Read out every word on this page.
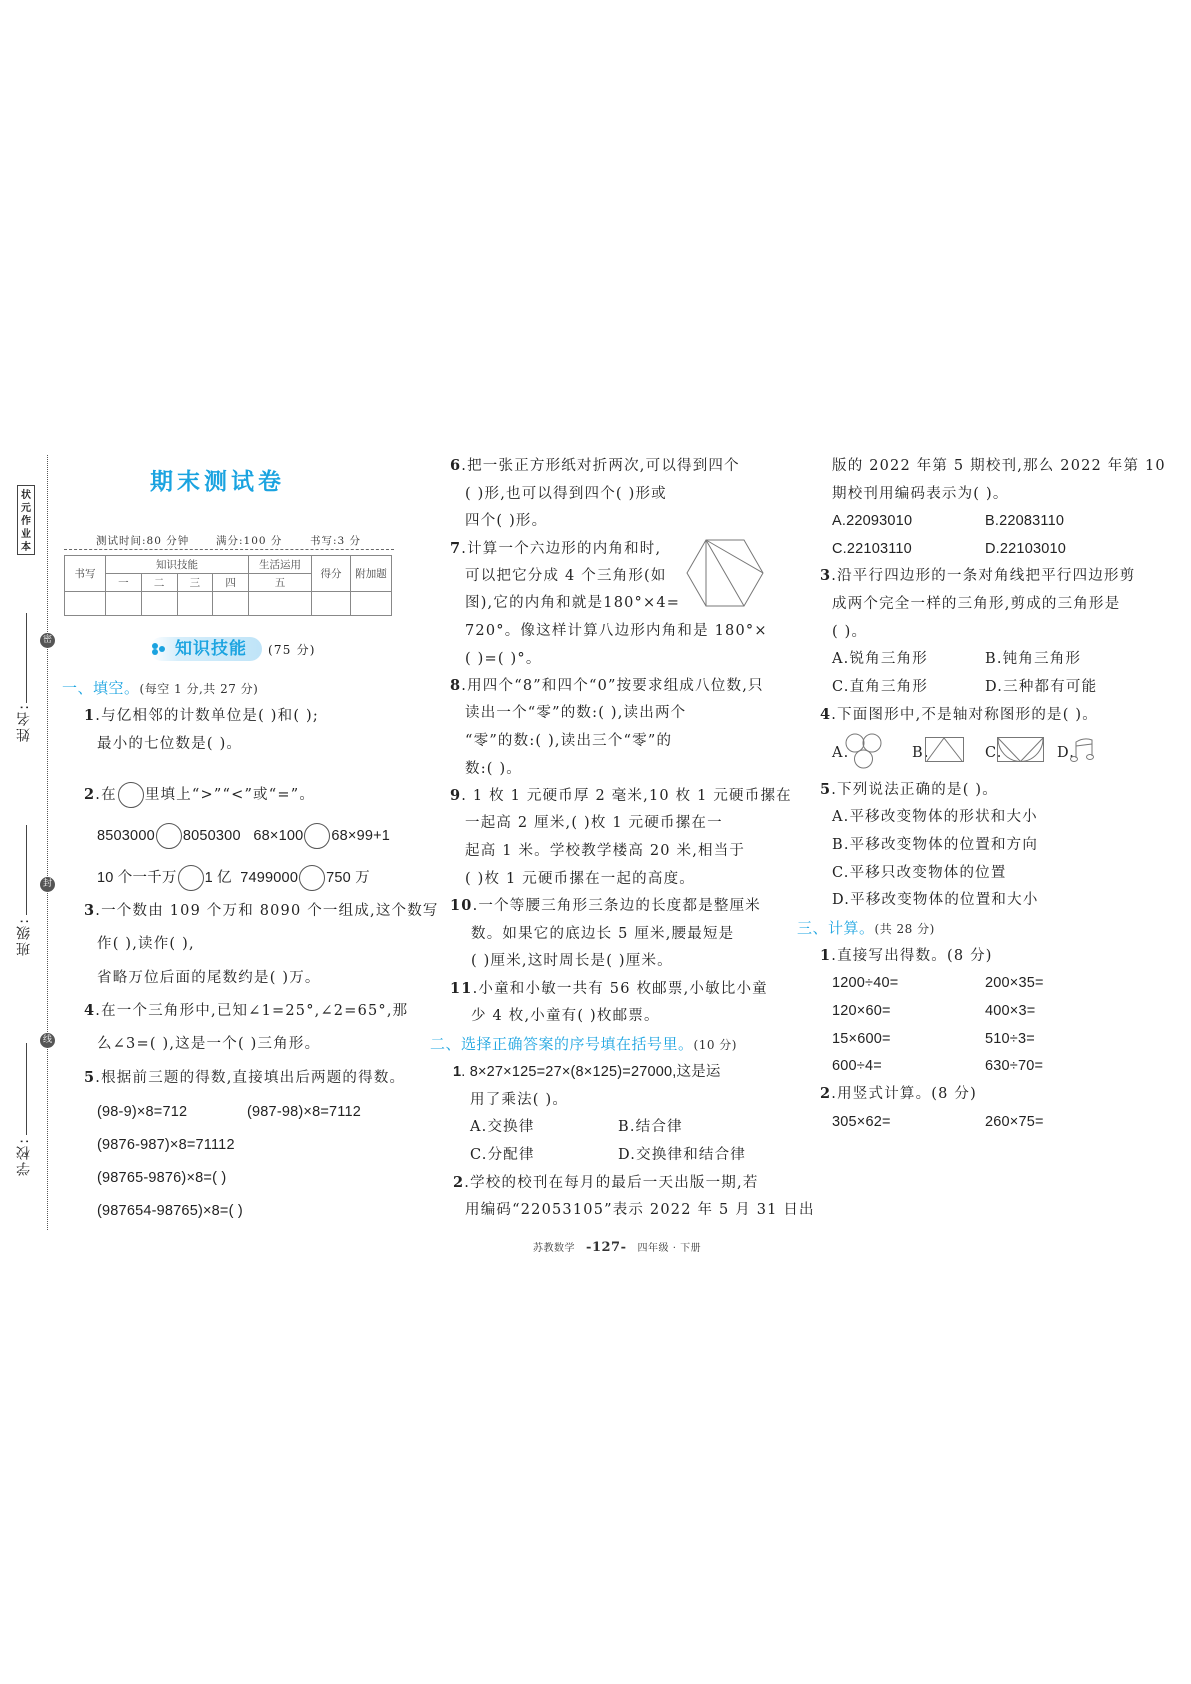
状元作业本
密
封
线
姓名:
班级:
学校:
期末测试卷
测试时间:80 分钟	满分:100 分	书写:3 分
书写	知识技能				生活运用	得分	附加题
	一	二	三	四	五		

知识技能 (75 分)
一、填空。(每空 1 分,共 27 分)
1.与亿相邻的计数单位是( )和( );
最小的七位数是( )。
2.在 里填上“>”“<”或“=”。
8503000 8050300 68×100 68×99+1
10 个一千万 1 亿 7499000 750 万
3.一个数由 109 个万和 8090 个一组成,这个数写
作( ),读作( ),
省略万位后面的尾数约是( )万。
4.在一个三角形中,已知∠1=25°,∠2=65°,那
么∠3=( ),这是一个( )三角形。
5.根据前三题的得数,直接填出后两题的得数。
(98-9)×8=712	(987-98)×8=7112
(9876-987)×8=71112
(98765-9876)×8=( )
(987654-98765)×8=( )
6.把一张正方形纸对折两次,可以得到四个
( )形,也可以得到四个( )形或
四个( )形。
7.计算一个六边形的内角和时,
可以把它分成 4 个三角形(如
图),它的内角和就是180°×4=
720°。像这样计算八边形内角和是 180°×
( )=( )°。
8.用四个“8”和四个“0”按要求组成八位数,只
读出一个“零”的数:( ),读出两个
“零”的数:( ),读出三个“零”的
数:( )。
9. 1 枚 1 元硬币厚 2 毫米,10 枚 1 元硬币摞在
一起高 2 厘米,( )枚 1 元硬币摞在一
起高 1 米。学校教学楼高 20 米,相当于
( )枚 1 元硬币摞在一起的高度。
10.一个等腰三角形三条边的长度都是整厘米
数。如果它的底边长 5 厘米,腰最短是
( )厘米,这时周长是( )厘米。
11.小童和小敏一共有 56 枚邮票,小敏比小童
少 4 枚,小童有( )枚邮票。
二、选择正确答案的序号填在括号里。(10 分)
1. 8×27×125=27×(8×125)=27000,这是运
用了乘法( )。
A.交换律	B.结合律
C.分配律	D.交换律和结合律
2.学校的校刊在每月的最后一天出版一期,若
用编码“22053105”表示 2022 年 5 月 31 日出
苏教数学 -127- 四年级 · 下册
版的 2022 年第 5 期校刊,那么 2022 年第 10
期校刊用编码表示为( )。
A.22093010	B.22083110
C.22103110	D.22103010
3.沿平行四边形的一条对角线把平行四边形剪
成两个完全一样的三角形,剪成的三角形是
( )。
A.锐角三角形	B.钝角三角形
C.直角三角形	D.三种都有可能
4.下面图形中,不是轴对称图形的是( )。
A.	B.	C.	D.
5.下列说法正确的是( )。
A.平移改变物体的形状和大小
B.平移改变物体的位置和方向
C.平移只改变物体的位置
D.平移改变物体的位置和大小
三、计算。(共 28 分)
1.直接写出得数。(8 分)
1200÷40=	200×35=
120×60=	400×3=
15×600=	510÷3=
600÷4=	630÷70=
2.用竖式计算。(8 分)
305×62=	260×75=
